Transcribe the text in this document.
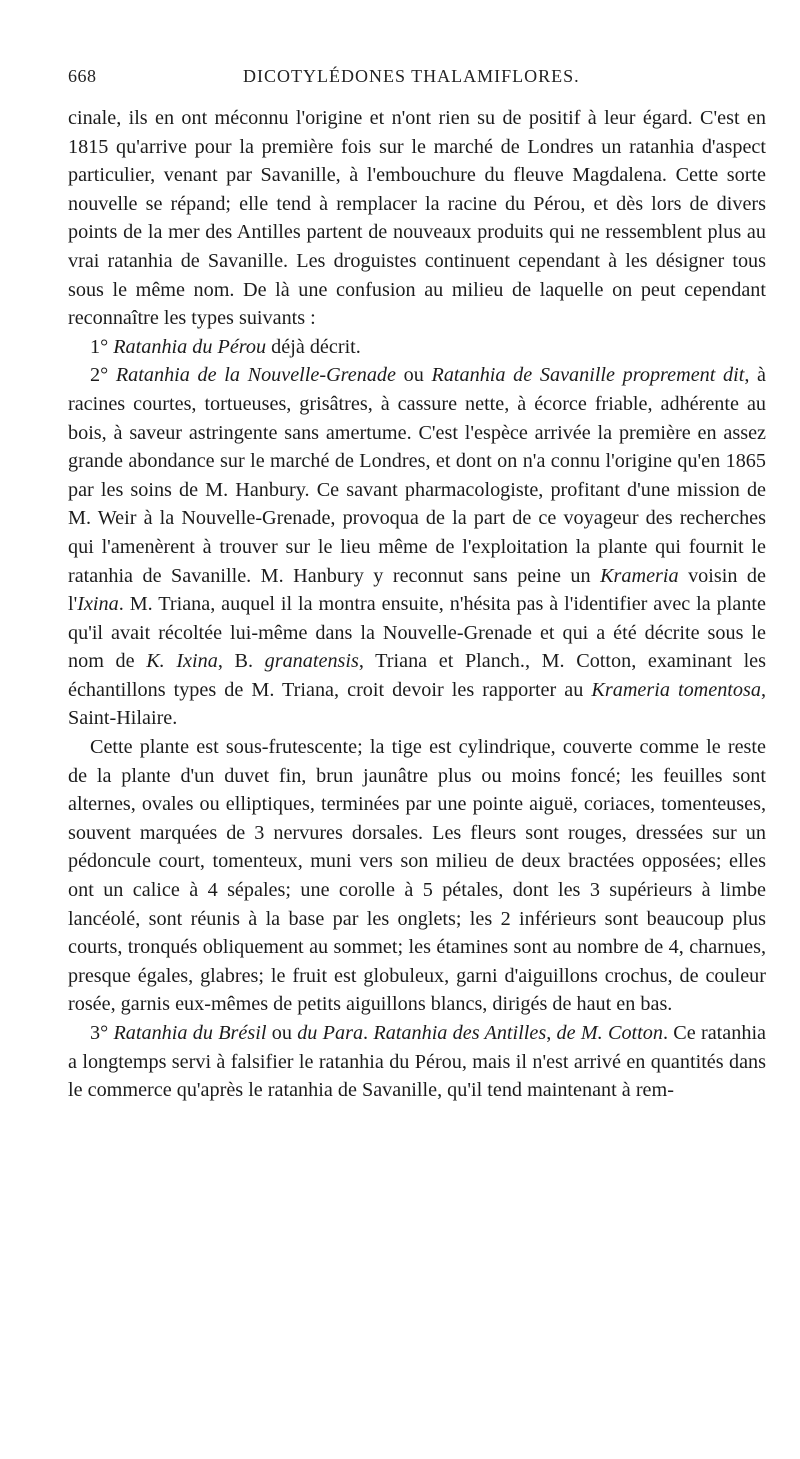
668	DICOTYLÉDONES THALAMIFLORES.

cinale, ils en ont méconnu l'origine et n'ont rien su de positif à leur égard. C'est en 1815 qu'arrive pour la première fois sur le marché de Londres un ratanhia d'aspect particulier, venant par Savanille, à l'embouchure du fleuve Magdalena. Cette sorte nouvelle se répand; elle tend à remplacer la racine du Pérou, et dès lors de divers points de la mer des Antilles partent de nouveaux produits qui ne ressemblent plus au vrai ratanhia de Savanille. Les droguistes continuent cependant à les désigner tous sous le même nom. De là une confusion au milieu de laquelle on peut cependant reconnaître les types suivants :

1° Ratanhia du Pérou déjà décrit.

2° Ratanhia de la Nouvelle-Grenade ou Ratanhia de Savanille proprement dit, à racines courtes, tortueuses, grisâtres, à cassure nette, à écorce friable, adhérente au bois, à saveur astringente sans amertume. C'est l'espèce arrivée la première en assez grande abondance sur le marché de Londres, et dont on n'a connu l'origine qu'en 1865 par les soins de M. Hanbury. Ce savant pharmacologiste, profitant d'une mission de M. Weir à la Nouvelle-Grenade, provoqua de la part de ce voyageur des recherches qui l'amenèrent à trouver sur le lieu même de l'exploitation la plante qui fournit le ratanhia de Savanille. M. Hanbury y reconnut sans peine un Krameria voisin de l'Ixina. M. Triana, auquel il la montra ensuite, n'hésita pas à l'identifier avec la plante qu'il avait récoltée lui-même dans la Nouvelle-Grenade et qui a été décrite sous le nom de K. Ixina, B. granatensis, Triana et Planch., M. Cotton, examinant les échantillons types de M. Triana, croit devoir les rapporter au Krameria tomentosa, Saint-Hilaire.

Cette plante est sous-frutescente; la tige est cylindrique, couverte comme le reste de la plante d'un duvet fin, brun jaunâtre plus ou moins foncé; les feuilles sont alternes, ovales ou elliptiques, terminées par une pointe aiguë, coriaces, tomenteuses, souvent marquées de 3 nervures dorsales. Les fleurs sont rouges, dressées sur un pédoncule court, tomenteux, muni vers son milieu de deux bractées opposées; elles ont un calice à 4 sépales; une corolle à 5 pétales, dont les 3 supérieurs à limbe lancéolé, sont réunis à la base par les onglets; les 2 inférieurs sont beaucoup plus courts, tronqués obliquement au sommet; les étamines sont au nombre de 4, charnues, presque égales, glabres; le fruit est globuleux, garni d'aiguillons crochus, de couleur rosée, garnis eux-mêmes de petits aiguillons blancs, dirigés de haut en bas.

3° Ratanhia du Brésil ou du Para. Ratanhia des Antilles, de M. Cotton. Ce ratanhia a longtemps servi à falsifier le ratanhia du Pérou, mais il n'est arrivé en quantités dans le commerce qu'après le ratanhia de Savanille, qu'il tend maintenant à rem-
